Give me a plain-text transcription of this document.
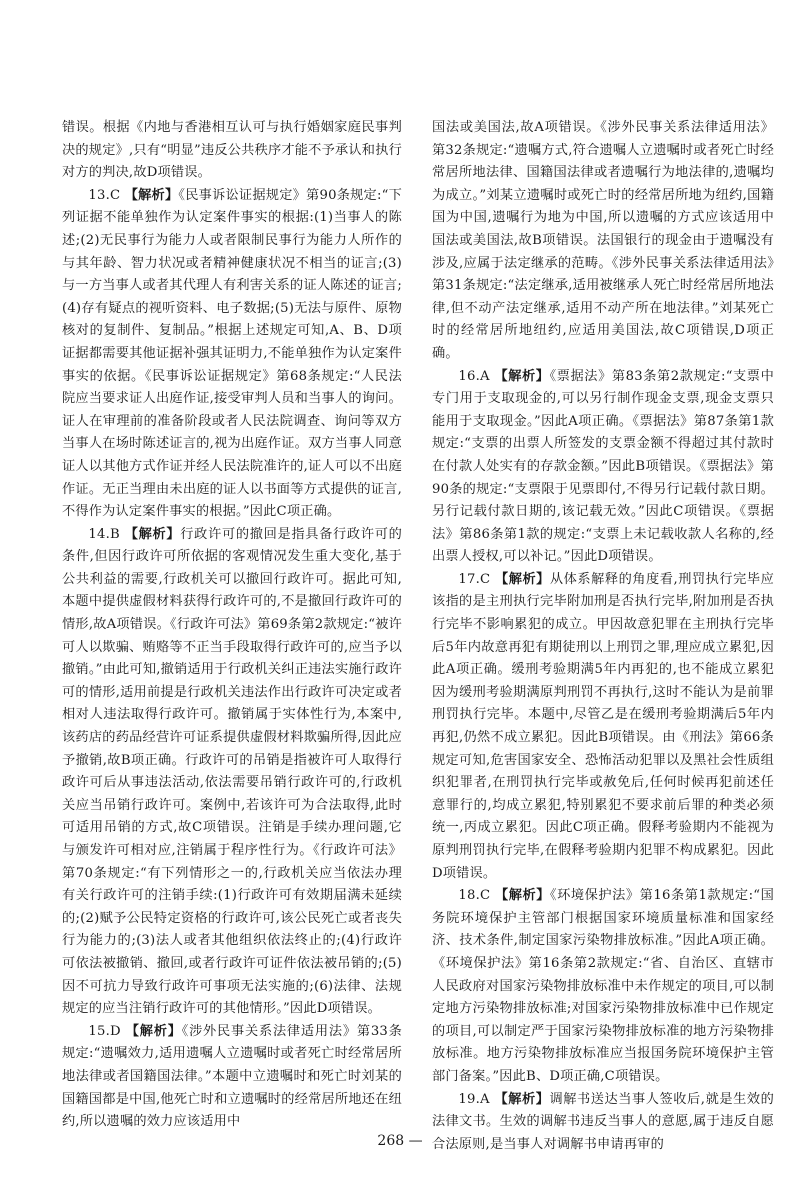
错误。根据《内地与香港相互认可与执行婚姻家庭民事判决的规定》,只有“明显”违反公共秩序才能不予承认和执行对方的判决,故D项错误。

13.C 【解析】《民事诉讼证据规定》第90条规定:“下列证据不能单独作为认定案件事实的根据:(1)当事人的陈述;(2)无民事行为能力人或者限制民事行为能力人所作的与其年龄、智力状况或者精神健康状况不相当的证言;(3)与一方当事人或者其代理人有利害关系的证人陈述的证言;(4)存有疑点的视听资料、电子数据;(5)无法与原件、原物核对的复制件、复制品。”根据上述规定可知,A、B、D项证据都需要其他证据补强其证明力,不能单独作为认定案件事实的依据。《民事诉讼证据规定》第68条规定:“人民法院应当要求证人出庭作证,接受审判人员和当事人的询问。证人在审理前的准备阶段或者人民法院调查、询问等双方当事人在场时陈述证言的,视为出庭作证。双方当事人同意证人以其他方式作证并经人民法院准许的,证人可以不出庭作证。无正当理由未出庭的证人以书面等方式提供的证言,不得作为认定案件事实的根据。”因此C项正确。

14.B 【解析】行政许可的撤回是指具备行政许可的条件,但因行政许可所依据的客观情况发生重大变化,基于公共利益的需要,行政机关可以撤回行政许可。据此可知,本题中提供虚假材料获得行政许可的,不是撤回行政许可的情形,故A项错误。《行政许可法》第69条第2款规定:“被许可人以欺骗、贿赂等不正当手段取得行政许可的,应当予以撤销。”由此可知,撤销适用于行政机关纠正违法实施行政许可的情形,适用前提是行政机关违法作出行政许可决定或者相对人违法取得行政许可。撤销属于实体性行为,本案中,该药店的药品经营许可证系提供虚假材料欺骗所得,因此应予撤销,故B项正确。行政许可的吊销是指被许可人取得行政许可后从事违法活动,依法需要吊销行政许可的,行政机关应当吊销行政许可。案例中,若该许可为合法取得,此时可适用吊销的方式,故C项错误。注销是手续办理问题,它与颁发许可相对应,注销属于程序性行为。《行政许可法》第70条规定:“有下列情形之一的,行政机关应当依法办理有关行政许可的注销手续:(1)行政许可有效期届满未延续的;(2)赋予公民特定资格的行政许可,该公民死亡或者丧失行为能力的;(3)法人或者其他组织依法终止的;(4)行政许可依法被撤销、撤回,或者行政许可证件依法被吊销的;(5)因不可抗力导致行政许可事项无法实施的;(6)法律、法规规定的应当注销行政许可的其他情形。”因此D项错误。

15.D 【解析】《涉外民事关系法律适用法》第33条规定:“遗嘱效力,适用遗嘱人立遗嘱时或者死亡时经常居所地法律或者国籍国法律。”本题中立遗嘱时和死亡时刘某的国籍国都是中国,他死亡时和立遗嘱时的经常居所地还在纽约,所以遗嘱的效力应该适用中

国法或美国法,故A项错误。《涉外民事关系法律适用法》第32条规定:“遗嘱方式,符合遗嘱人立遗嘱时或者死亡时经常居所地法律、国籍国法律或者遗嘱行为地法律的,遗嘱均为成立。”刘某立遗嘱时或死亡时的经常居所地为纽约,国籍国为中国,遗嘱行为地为中国,所以遗嘱的方式应该适用中国法或美国法,故B项错误。法国银行的现金由于遗嘱没有涉及,应属于法定继承的范畴。《涉外民事关系法律适用法》第31条规定:“法定继承,适用被继承人死亡时经常居所地法律,但不动产法定继承,适用不动产所在地法律。”刘某死亡时的经常居所地纽约,应适用美国法,故C项错误,D项正确。

16.A 【解析】《票据法》第83条第2款规定:“支票中专门用于支取现金的,可以另行制作现金支票,现金支票只能用于支取现金。”因此A项正确。《票据法》第87条第1款规定:“支票的出票人所签发的支票金额不得超过其付款时在付款人处实有的存款金额。”因此B项错误。《票据法》第90条的规定:“支票限于见票即付,不得另行记载付款日期。另行记载付款日期的,该记载无效。”因此C项错误。《票据法》第86条第1款的规定:“支票上未记载收款人名称的,经出票人授权,可以补记。”因此D项错误。

17.C 【解析】从体系解释的角度看,刑罚执行完毕应该指的是主刑执行完毕附加刑是否执行完毕,附加刑是否执行完毕不影响累犯的成立。甲因故意犯罪在主刑执行完毕后5年内故意再犯有期徒刑以上刑罚之罪,理应成立累犯,因此A项正确。缓刑考验期满5年内再犯的,也不能成立累犯因为缓刑考验期满原判刑罚不再执行,这时不能认为是前罪刑罚执行完毕。本题中,尽管乙是在缓刑考验期满后5年内再犯,仍然不成立累犯。因此B项错误。由《刑法》第66条规定可知,危害国家安全、恐怖活动犯罪以及黑社会性质组织犯罪者,在刑罚执行完毕或赦免后,任何时候再犯前述任意罪行的,均成立累犯,特别累犯不要求前后罪的种类必须统一,丙成立累犯。因此C项正确。假释考验期内不能视为原判刑罚执行完毕,在假释考验期内犯罪不构成累犯。因此D项错误。

18.C 【解析】《环境保护法》第16条第1款规定:“国务院环境保护主管部门根据国家环境质量标准和国家经济、技术条件,制定国家污染物排放标准。”因此A项正确。《环境保护法》第16条第2款规定:“省、自治区、直辖市人民政府对国家污染物排放标准中未作规定的项目,可以制定地方污染物排放标准;对国家污染物排放标准中已作规定的项目,可以制定严于国家污染物排放标准的地方污染物排放标准。地方污染物排放标准应当报国务院环境保护主管部门备案。”因此B、D项正确,C项错误。

19.A 【解析】调解书送达当事人签收后,就是生效的法律文书。生效的调解书违反当事人的意愿,属于违反自愿合法原则,是当事人对调解书申请再审的

268 —
